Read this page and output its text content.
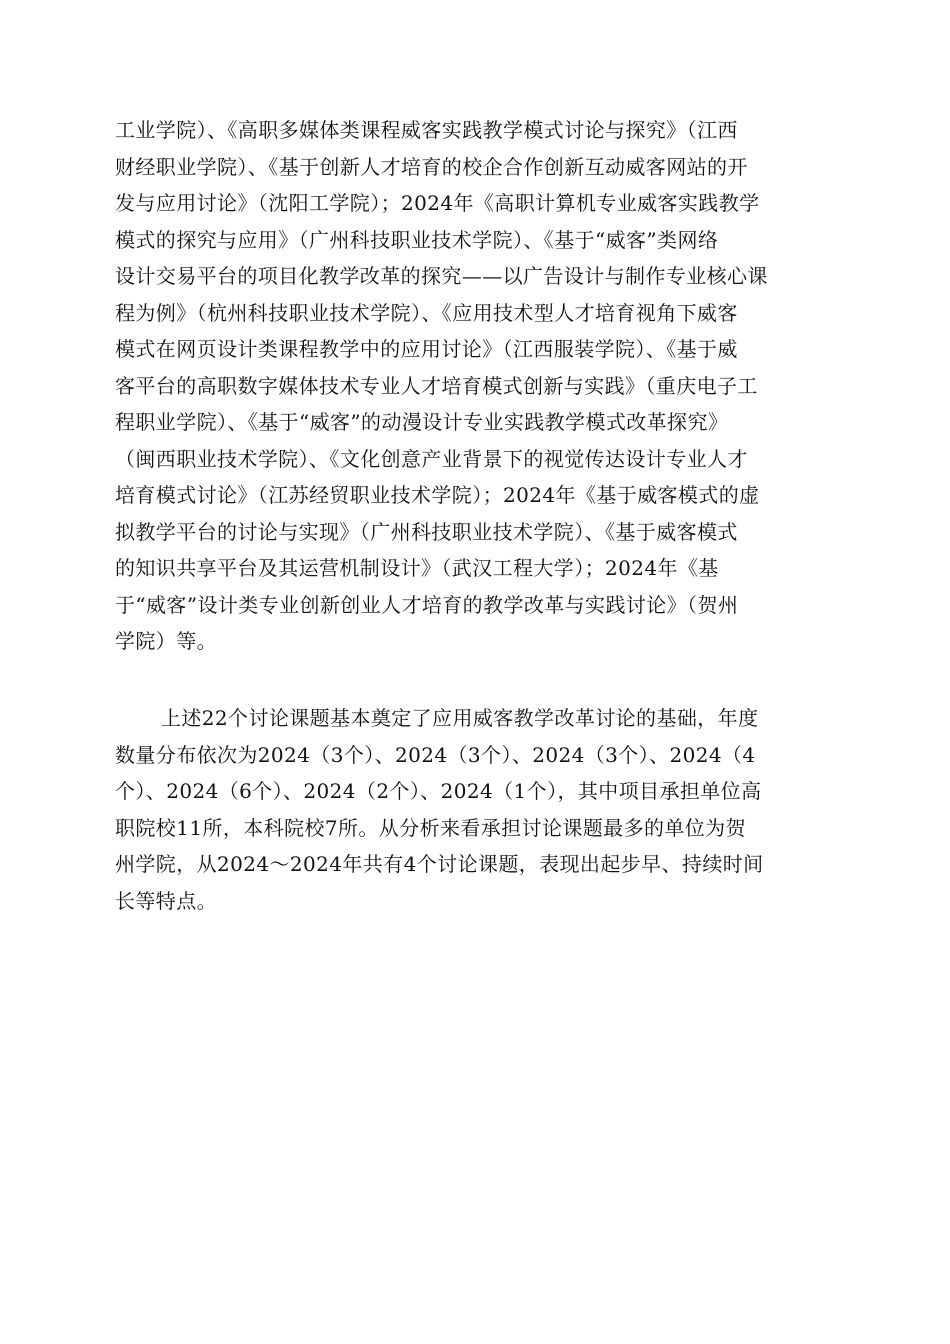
工业学院）、《高职多媒体类课程威客实践教学模式讨论与探究》（江西
财经职业学院）、《基于创新人才培育的校企合作创新互动威客网站的开
发与应用讨论》（沈阳工学院）；2024年《高职计算机专业威客实践教学
模式的探究与应用》（广州科技职业技术学院）、《基于“威客”类网络
设计交易平台的项目化教学改革的探究——以广告设计与制作专业核心课
程为例》（杭州科技职业技术学院）、《应用技术型人才培育视角下威客
模式在网页设计类课程教学中的应用讨论》（江西服装学院）、《基于威
客平台的高职数字媒体技术专业人才培育模式创新与实践》（重庆电子工
程职业学院）、《基于“威客”的动漫设计专业实践教学模式改革探究》
（闽西职业技术学院）、《文化创意产业背景下的视觉传达设计专业人才
培育模式讨论》（江苏经贸职业技术学院）；2024年《基于威客模式的虚
拟教学平台的讨论与实现》（广州科技职业技术学院）、《基于威客模式
的知识共享平台及其运营机制设计》（武汉工程大学）；2024年《基
于“威客”设计类专业创新创业人才培育的教学改革与实践讨论》（贺州
学院）等。
上述22个讨论课题基本奠定了应用威客教学改革讨论的基础，年度
数量分布依次为2024（3个）、2024（3个）、2024（3个）、2024（4
个）、2024（6个）、2024（2个）、2024（1个），其中项目承担单位高
职院校11所，本科院校7所。从分析来看承担讨论课题最多的单位为贺
州学院，从2024～2024年共有4个讨论课题，表现出起步早、持续时间
长等特点。
